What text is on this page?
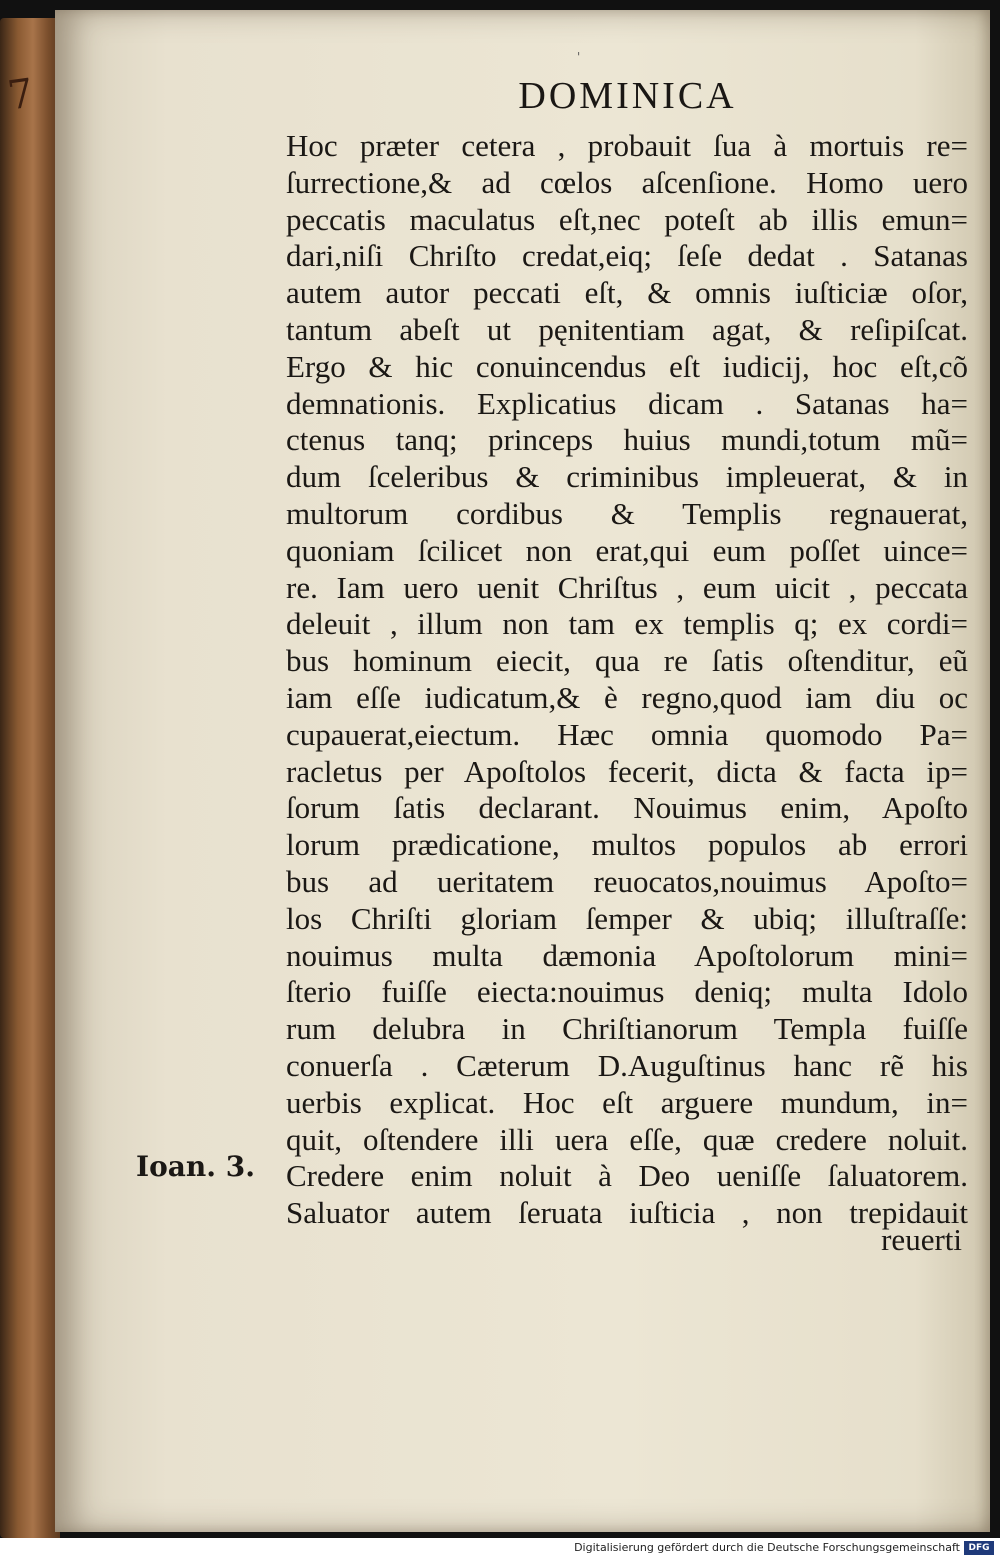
7
'
DOMINICA
Hoc præter cetera , probauit ſua à mortuis re=
ſurrectione,& ad cœlos aſcenſione. Homo uero
peccatis maculatus eſt,nec poteſt ab illis emun=
dari,niſi Chriſto credat,eiq; ſeſe dedat . Satanas
autem autor peccati eſt, & omnis iuſticiæ oſor,
tantum abeſt ut pęnitentiam agat, & reſipiſcat.
Ergo & hic conuincendus eſt iudicij, hoc eſt,cõ
demnationis. Explicatius dicam . Satanas ha=
ctenus tanq; princeps huius mundi,totum mũ=
dum ſceleribus & criminibus impleuerat, & in
multorum cordibus & Templis regnauerat,
quoniam ſcilicet non erat,qui eum poſſet uince=
re. Iam uero uenit Chriſtus , eum uicit , peccata
deleuit , illum non tam ex templis q; ex cordi=
bus hominum eiecit, qua re ſatis oſtenditur, eũ
iam eſſe iudicatum,& è regno,quod iam diu oc
cupauerat,eiectum. Hæc omnia quomodo Pa=
racletus per Apoſtolos fecerit, dicta & facta ip=
ſorum ſatis declarant. Nouimus enim, Apoſto
lorum prædicatione, multos populos ab errori
bus ad ueritatem reuocatos,nouimus Apoſto=
los Chriſti gloriam ſemper & ubiq; illuſtraſſe:
nouimus multa dæmonia Apoſtolorum mini=
ſterio fuiſſe eiecta:nouimus deniq; multa Idolo
rum delubra in Chriſtianorum Templa fuiſſe
conuerſa . Cæterum D.Auguſtinus hanc rẽ his
uerbis explicat. Hoc eſt arguere mundum, in=
quit, oſtendere illi uera eſſe, quæ credere noluit.
Credere enim noluit à Deo ueniſſe ſaluatorem.
Saluator autem ſeruata iuſticia , non trepidauit
Ioan. 3.
reuerti
Digitalisierung gefördert durch die Deutsche Forschungsgemeinschaft DFG
